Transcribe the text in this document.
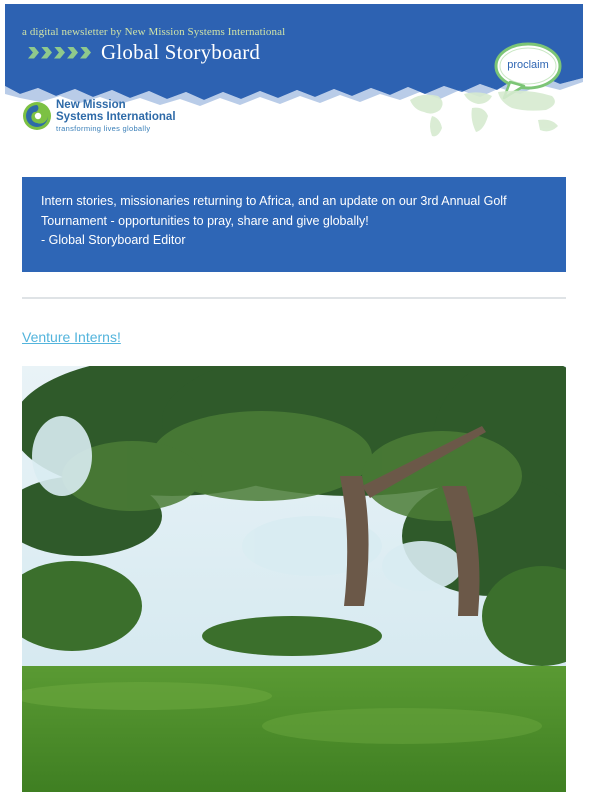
a digital newsletter by New Mission Systems International
Global Storyboard
proclaim
New Mission
Systems International
transforming lives globally

Intern stories, missionaries returning to Africa, and an update on our 3rd Annual Golf Tournament - opportunities to pray, share and give globally!

- Global Storyboard Editor

Venture Interns!
